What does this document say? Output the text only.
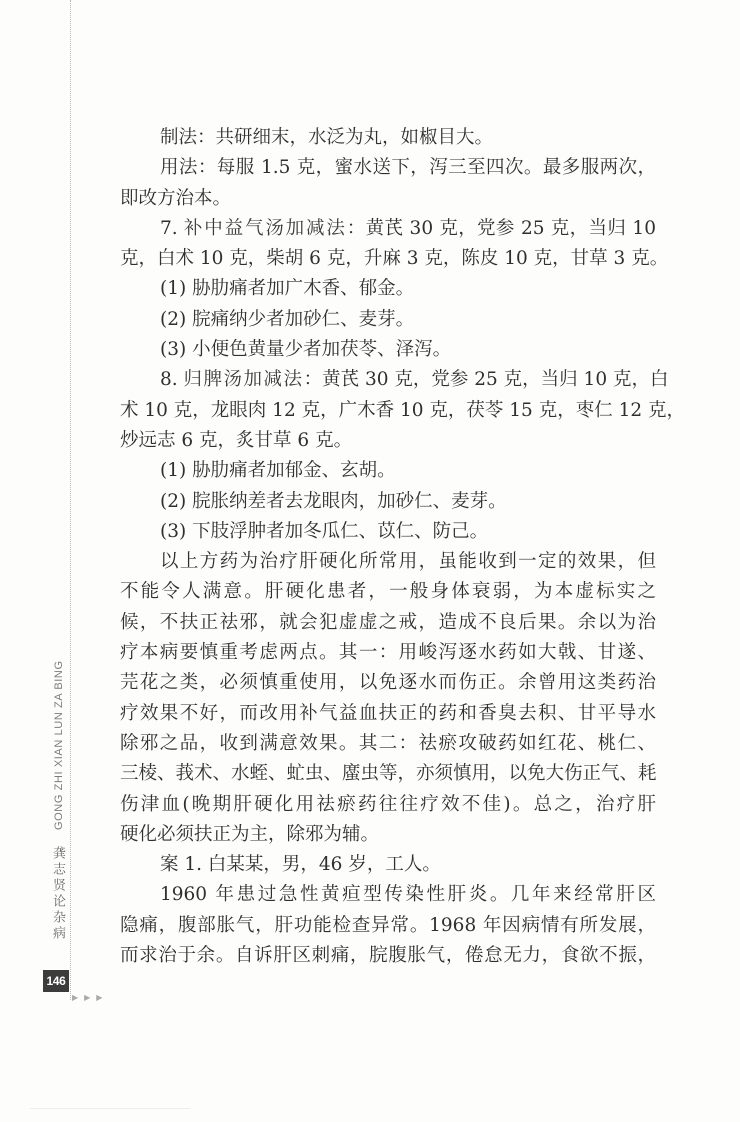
GONG ZHI XIAN LUN ZA BING
龚志贤论杂病
146
▶▶▶
制法：共研细末，水泛为丸，如椒目大。
用法：每服 1.5 克，蜜水送下，泻三至四次。最多服两次，
即改方治本。
7. 补中益气汤加减法：黄芪 30 克，党参 25 克，当归 10
克，白术 10 克，柴胡 6 克，升麻 3 克，陈皮 10 克，甘草 3 克。
(1) 胁肋痛者加广木香、郁金。
(2) 脘痛纳少者加砂仁、麦芽。
(3) 小便色黄量少者加茯苓、泽泻。
8. 归脾汤加减法：黄芪 30 克，党参 25 克，当归 10 克，白
术 10 克，龙眼肉 12 克，广木香 10 克，茯苓 15 克，枣仁 12 克，
炒远志 6 克，炙甘草 6 克。
(1) 胁肋痛者加郁金、玄胡。
(2) 脘胀纳差者去龙眼肉，加砂仁、麦芽。
(3) 下肢浮肿者加冬瓜仁、苡仁、防己。
以上方药为治疗肝硬化所常用，虽能收到一定的效果，但
不能令人满意。肝硬化患者，一般身体衰弱，为本虚标实之
候，不扶正祛邪，就会犯虚虚之戒，造成不良后果。余以为治
疗本病要慎重考虑两点。其一：用峻泻逐水药如大戟、甘遂、
芫花之类，必须慎重使用，以免逐水而伤正。余曾用这类药治
疗效果不好，而改用补气益血扶正的药和香臭去积、甘平导水
除邪之品，收到满意效果。其二：祛瘀攻破药如红花、桃仁、
三棱、莪术、水蛭、虻虫、䗪虫等，亦须慎用，以免大伤正气、耗
伤津血(晚期肝硬化用祛瘀药往往疗效不佳)。总之，治疗肝
硬化必须扶正为主，除邪为辅。
案 1. 白某某，男，46 岁，工人。
1960 年患过急性黄疸型传染性肝炎。几年来经常肝区
隐痛，腹部胀气，肝功能检查异常。1968 年因病情有所发展，
而求治于余。自诉肝区刺痛，脘腹胀气，倦怠无力，食欲不振，
